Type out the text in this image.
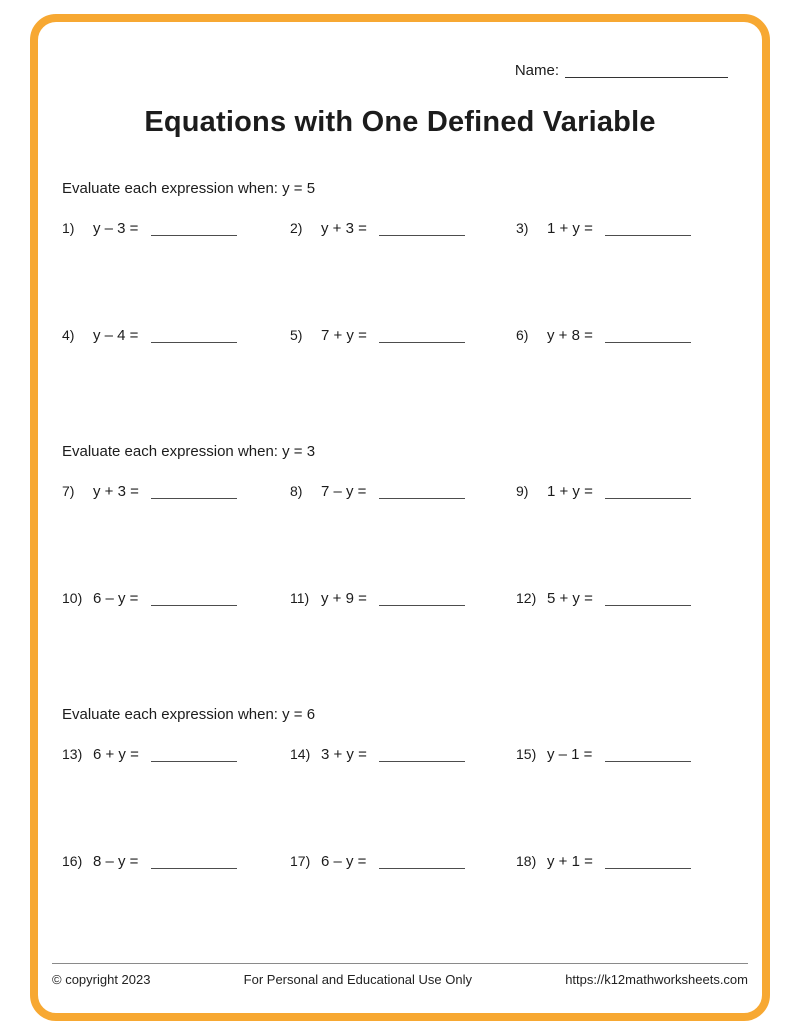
Name:
Equations with One Defined Variable

Evaluate each expression when: y = 5

1)	y – 3 =	2)	y + 3 =	3)	1 + y =
4)	y – 4 =	5)	7 + y =	6)	y + 8 =

Evaluate each expression when: y = 3

7)	y + 3 =	8)	7 – y =	9)	1 + y =
10) 6 – y =	11) y + 9 =	12) 5 + y =

Evaluate each expression when: y = 6

13) 6 + y =	14) 3 + y =	15) y – 1 =
16) 8 – y =	17) 6 – y =	18) y + 1 =
© copyright 2023	For Personal and Educational Use Only	https://k12mathworksheets.com
